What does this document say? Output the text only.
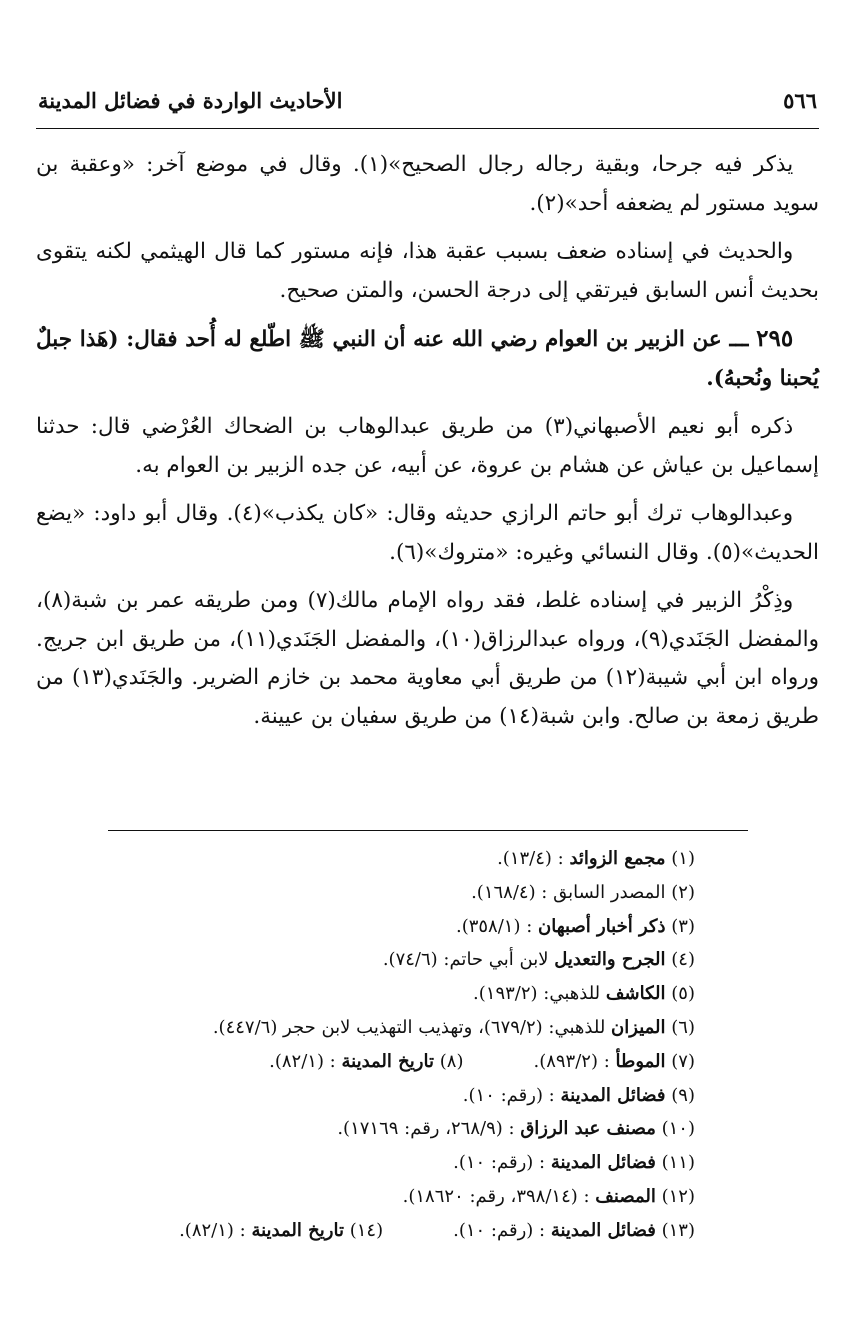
٥٦٦
الأحاديث الواردة في فضائل المدينة

يذكر فيه جرحا، وبقية رجاله رجال الصحيح»(١). وقال في موضع آخر: «وعقبة بن سويد مستور لم يضعفه أحد»(٢).

والحديث في إسناده ضعف بسبب عقبة هذا، فإنه مستور كما قال الهيثمي لكنه يتقوى بحديث أنس السابق فيرتقي إلى درجة الحسن، والمتن صحيح.

٢٩٥ ـــ عن الزبير بن العوام رضي الله عنه أن النبي ﷺ اطّلع له أُحد فقال: (هَذا جبلٌ يُحبنا ونُحبهُ).

ذكره أبو نعيم الأصبهاني(٣) من طريق عبدالوهاب بن الضحاك العُرْضي قال: حدثنا إسماعيل بن عياش عن هشام بن عروة، عن أبيه، عن جده الزبير بن العوام به.

وعبدالوهاب ترك أبو حاتم الرازي حديثه وقال: «كان يكذب»(٤). وقال أبو داود: «يضع الحديث»(٥). وقال النسائي وغيره: «متروك»(٦).

وذِكْرُ الزبير في إسناده غلط، فقد رواه الإمام مالك(٧) ومن طريقه عمر بن شبة(٨)، والمفضل الجَنَدي(٩)، ورواه عبدالرزاق(١٠)، والمفضل الجَنَدي(١١)، من طريق ابن جريج. ورواه ابن أبي شيبة(١٢) من طريق أبي معاوية محمد بن خازم الضرير. والجَنَدي(١٣) من طريق زمعة بن صالح. وابن شبة(١٤) من طريق سفيان بن عيينة.

(١) مجمع الزوائد : (١٣/٤).
(٢) المصدر السابق : (١٦٨/٤).
(٣) ذكر أخبار أصبهان : (٣٥٨/١).
(٤) الجرح والتعديل لابن أبي حاتم: (٧٤/٦).
(٥) الكاشف للذهبي: (١٩٣/٢).
(٦) الميزان للذهبي: (٦٧٩/٢)، وتهذيب التهذيب لابن حجر (٤٤٧/٦).
(٧) الموطأ : (٨٩٣/٢).
(٨) تاريخ المدينة : (٨٢/١).
(٩) فضائل المدينة : (رقم: ١٠).
(١٠) مصنف عبد الرزاق : (٢٦٨/٩، رقم: ١٧١٦٩).
(١١) فضائل المدينة : (رقم: ١٠).
(١٢) المصنف : (٣٩٨/١٤، رقم: ١٨٦٢٠).
(١٣) فضائل المدينة : (رقم: ١٠).
(١٤) تاريخ المدينة : (٨٢/١).
